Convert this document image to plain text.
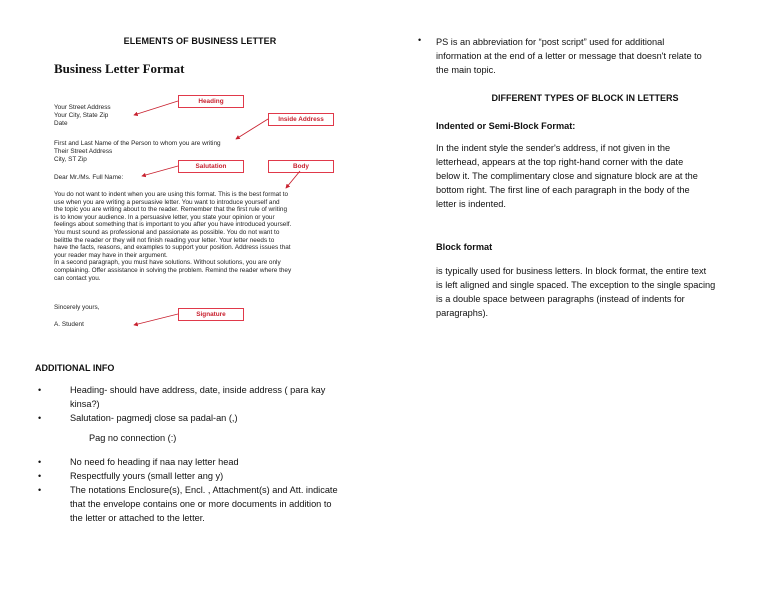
ELEMENTS OF BUSINESS LETTER
Business Letter Format
Your Street Address
Your City, State Zip
Date
First and Last Name of the Person to whom you are writing
Their Street Address
City, ST Zip
Dear Mr./Ms. Full Name:
You do not want to indent when you are using this format. This is the best format to
use when you are writing a persuasive letter. You want to introduce yourself and
the topic you are writing about to the reader. Remember that the first rule of writing
is to know your audience. In a persuasive letter, you state your opinion or your
feelings about something that is important to you after you have introduced yourself.
You must sound as professional and passionate as possible. You do not want to
belittle the reader or they will not finish reading your letter. Your letter needs to
have the facts, reasons, and examples to support your position. Address issues that
your reader may have in their argument.
In a second paragraph, you must have solutions. Without solutions, you are only
complaining. Offer assistance in solving the problem. Remind the reader where they
can contact you.
Sincerely yours,
A. Student
Heading
Inside Address
Salutation	Body
Signature
ADDITIONAL INFO
•	Heading- should have address, date, inside address ( para kay
kinsa?)
•	Salutation- pagmedj close sa padal-an (,)
Pag no connection (:)
•	No need fo heading if naa nay letter head
•	Respectfully yours (small letter ang y)
•	The notations Enclosure(s), Encl. , Attachment(s) and Att. indicate
that the envelope contains one or more documents in addition to
the letter or attached to the letter.
• PS is an abbreviation for “post script” used for additional
information at the end of a letter or message that doesn't relate to
the main topic.
DIFFERENT TYPES OF BLOCK IN LETTERS
Indented or Semi-Block Format:
In the indent style the sender's address, if not given in the
letterhead, appears at the top right-hand corner with the date
below it. The complimentary close and signature block are at the
bottom right. The first line of each paragraph in the body of the
letter is indented.
Block format
is typically used for business letters. In block format, the entire text
is left aligned and single spaced. The exception to the single spacing
is a double space between paragraphs (instead of indents for
paragraphs).
